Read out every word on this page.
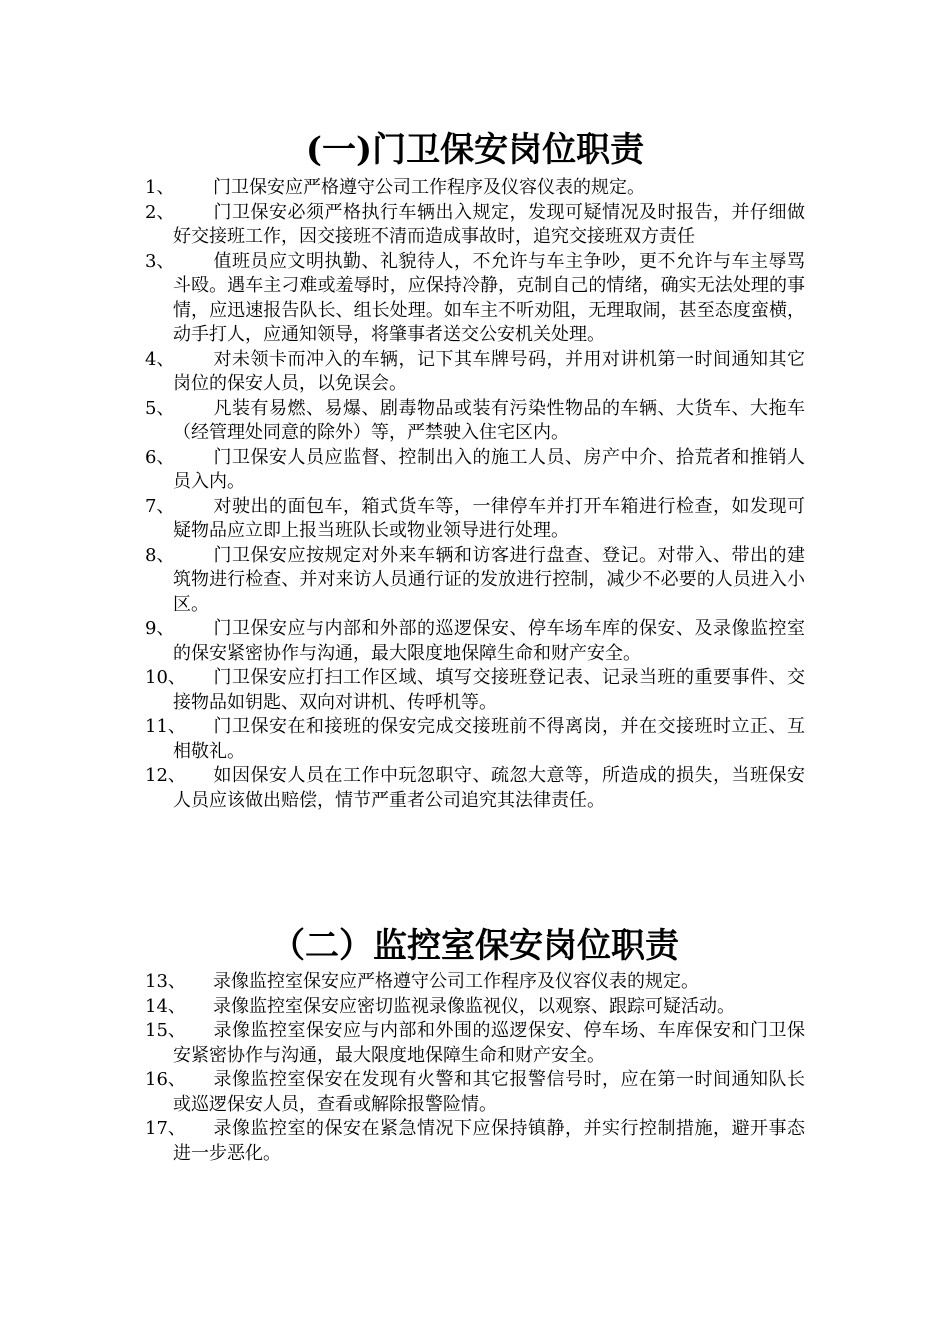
(一)门卫保安岗位职责
1、	门卫保安应严格遵守公司工作程序及仪容仪表的规定。
2、	门卫保安必须严格执行车辆出入规定，发现可疑情况及时报告，并仔细做好交接班工作，因交接班不清而造成事故时，追究交接班双方责任
3、	值班员应文明执勤、礼貌待人，不允许与车主争吵，更不允许与车主辱骂斗殴。遇车主刁难或羞辱时，应保持冷静，克制自己的情绪，确实无法处理的事情，应迅速报告队长、组长处理。如车主不听劝阻，无理取闹，甚至态度蛮横，动手打人，应通知领导，将肇事者送交公安机关处理。
4、	对未领卡而冲入的车辆，记下其车牌号码，并用对讲机第一时间通知其它岗位的保安人员，以免误会。
5、	凡装有易燃、易爆、剧毒物品或装有污染性物品的车辆、大货车、大拖车（经管理处同意的除外）等，严禁驶入住宅区内。
6、	门卫保安人员应监督、控制出入的施工人员、房产中介、拾荒者和推销人员入内。
7、	对驶出的面包车，箱式货车等，一律停车并打开车箱进行检查，如发现可疑物品应立即上报当班队长或物业领导进行处理。
8、	门卫保安应按规定对外来车辆和访客进行盘查、登记。对带入、带出的建筑物进行检查、并对来访人员通行证的发放进行控制，减少不必要的人员进入小区。
9、	门卫保安应与内部和外部的巡逻保安、停车场车库的保安、及录像监控室的保安紧密协作与沟通，最大限度地保障生命和财产安全。
10、	门卫保安应打扫工作区域、填写交接班登记表、记录当班的重要事件、交接物品如钥匙、双向对讲机、传呼机等。
11、	门卫保安在和接班的保安完成交接班前不得离岗，并在交接班时立正、互相敬礼。
12、	如因保安人员在工作中玩忽职守、疏忽大意等，所造成的损失，当班保安人员应该做出赔偿，情节严重者公司追究其法律责任。
（二）监控室保安岗位职责
13、	录像监控室保安应严格遵守公司工作程序及仪容仪表的规定。
14、	录像监控室保安应密切监视录像监视仪，以观察、跟踪可疑活动。
15、	录像监控室保安应与内部和外围的巡逻保安、停车场、车库保安和门卫保安紧密协作与沟通，最大限度地保障生命和财产安全。
16、	录像监控室保安在发现有火警和其它报警信号时，应在第一时间通知队长或巡逻保安人员，查看或解除报警险情。
17、	录像监控室的保安在紧急情况下应保持镇静，并实行控制措施，避开事态进一步恶化。
